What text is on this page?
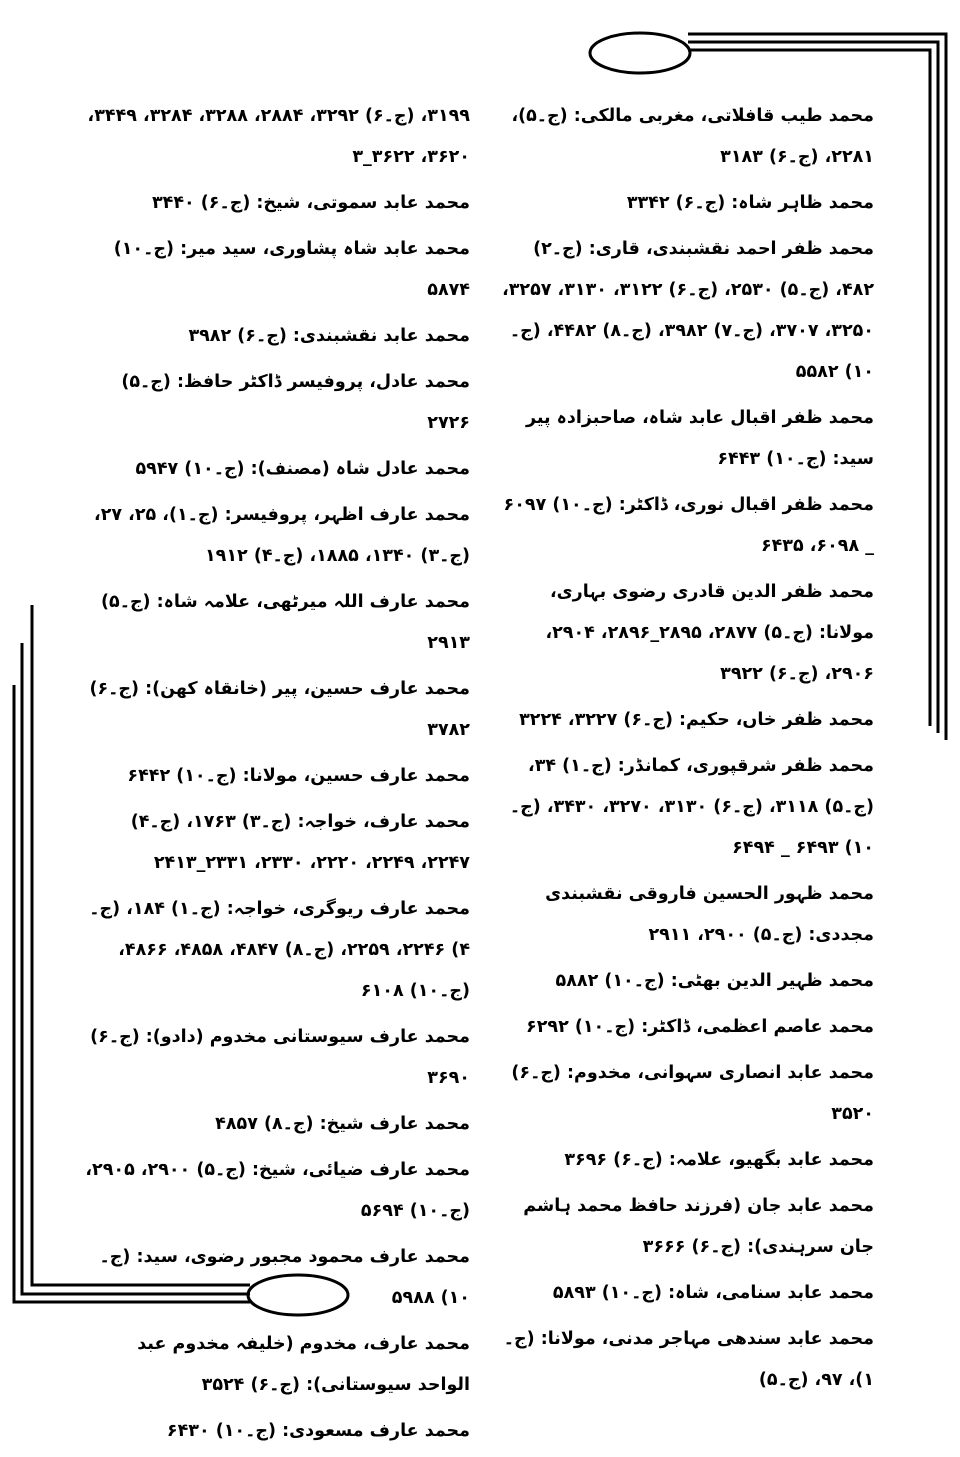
محمد طیب قافلاتی، مغربی مالکی: (ج۔۵)، ۲۲۸۱، (ج۔۶) ۳۱۸۳
محمد ظاہر شاہ: (ج۔۶) ۳۳۴۲
محمد ظفر احمد نقشبندی، قاری: (ج۔۲) ۴۸۲، (ج۔۵) ۲۵۳۰، (ج۔۶) ۳۱۲۲، ۳۱۳۰، ۳۲۵۷، ۳۲۵۰، ۳۷۰۷، (ج۔۷) ۳۹۸۲، (ج۔۸) ۴۴۸۲، (ج۔۱۰) ۵۵۸۲
محمد ظفر اقبال عابد شاہ، صاحبزادہ پیر سید: (ج۔۱۰) ۶۴۴۳
محمد ظفر اقبال نوری، ڈاکٹر: (ج۔۱۰) ۶۰۹۷ _ ۶۰۹۸، ۶۴۳۵
محمد ظفر الدین قادری رضوی بہاری، مولانا: (ج۔۵) ۲۸۷۷، ۲۸۹۵_۲۸۹۶، ۲۹۰۴، ۲۹۰۶، (ج۔۶) ۳۹۲۲
محمد ظفر خاں، حکیم: (ج۔۶) ۳۲۲۷، ۳۲۲۴
محمد ظفر شرقپوری، کمانڈر: (ج۔۱) ۳۴، (ج۔۵) ۳۱۱۸، (ج۔۶) ۳۱۳۰، ۳۲۷۰، ۳۴۳۰، (ج۔۱۰) ۶۴۹۳ _ ۶۴۹۴
محمد ظہور الحسین فاروقی نقشبندی مجددی: (ج۔۵) ۲۹۰۰، ۲۹۱۱
محمد ظہیر الدین بھٹی: (ج۔۱۰) ۵۸۸۲
محمد عاصم اعظمی، ڈاکٹر: (ج۔۱۰) ۶۲۹۲
محمد عابد انصاری سہوانی، مخدوم: (ج۔۶) ۳۵۲۰
محمد عابد بگھیو، علامہ: (ج۔۶) ۳۶۹۶
محمد عابد جان (فرزند حافظ محمد ہاشم جان سرہندی): (ج۔۶) ۳۶۶۶
محمد عابد سنامی، شاہ: (ج۔۱۰) ۵۸۹۳
محمد عابد سندھی مہاجر مدنی، مولانا: (ج۔۱)، ۹۷، (ج۔۵)
۳۱۹۹، (ج۔۶) ۳۲۹۲، ۲۸۸۴، ۳۲۸۸، ۳۲۸۴، ۳۴۴۹، ۳۶۲۰، ۳۶۲۲_۳
محمد عابد سموتی، شیخ: (ج۔۶) ۳۴۴۰
محمد عابد شاہ پشاوری، سید میر: (ج۔۱۰) ۵۸۷۴
محمد عابد نقشبندی: (ج۔۶) ۳۹۸۲
محمد عادل، پروفیسر ڈاکٹر حافظ: (ج۔۵) ۲۷۲۶
محمد عادل شاہ (مصنف): (ج۔۱۰) ۵۹۴۷
محمد عارف اظہر، پروفیسر: (ج۔۱)، ۲۵، ۲۷، (ج۔۳) ۱۳۴۰، ۱۸۸۵، (ج۔۴) ۱۹۱۲
محمد عارف اللہ میرٹھی، علامہ شاہ: (ج۔۵) ۲۹۱۳
محمد عارف حسین، پیر (خانقاہ کھن): (ج۔۶) ۳۷۸۲
محمد عارف حسین، مولانا: (ج۔۱۰) ۶۴۴۲
محمد عارف، خواجہ: (ج۔۳) ۱۷۶۳، (ج۔۴) ۲۲۴۷، ۲۲۴۹، ۲۲۲۰، ۲۳۳۰، ۲۳۳۱_۲۴۱۳
محمد عارف ریوگری، خواجہ: (ج۔۱) ۱۸۴، (ج۔۴) ۲۲۴۶، ۲۲۵۹، (ج۔۸) ۴۸۴۷، ۴۸۵۸، ۴۸۶۶، (ج۔۱۰) ۶۱۰۸
محمد عارف سیوستانی مخدوم (دادو): (ج۔۶) ۳۶۹۰
محمد عارف شیخ: (ج۔۸) ۴۸۵۷
محمد عارف ضیائی، شیخ: (ج۔۵) ۲۹۰۰، ۲۹۰۵، (ج۔۱۰) ۵۶۹۴
محمد عارف محمود مجبور رضوی، سید: (ج۔۱۰) ۵۹۸۸
محمد عارف، مخدوم (خلیفہ مخدوم عبد الواحد سیوستانی): (ج۔۶) ۳۵۲۴
محمد عارف مسعودی: (ج۔۱۰) ۶۴۳۰
